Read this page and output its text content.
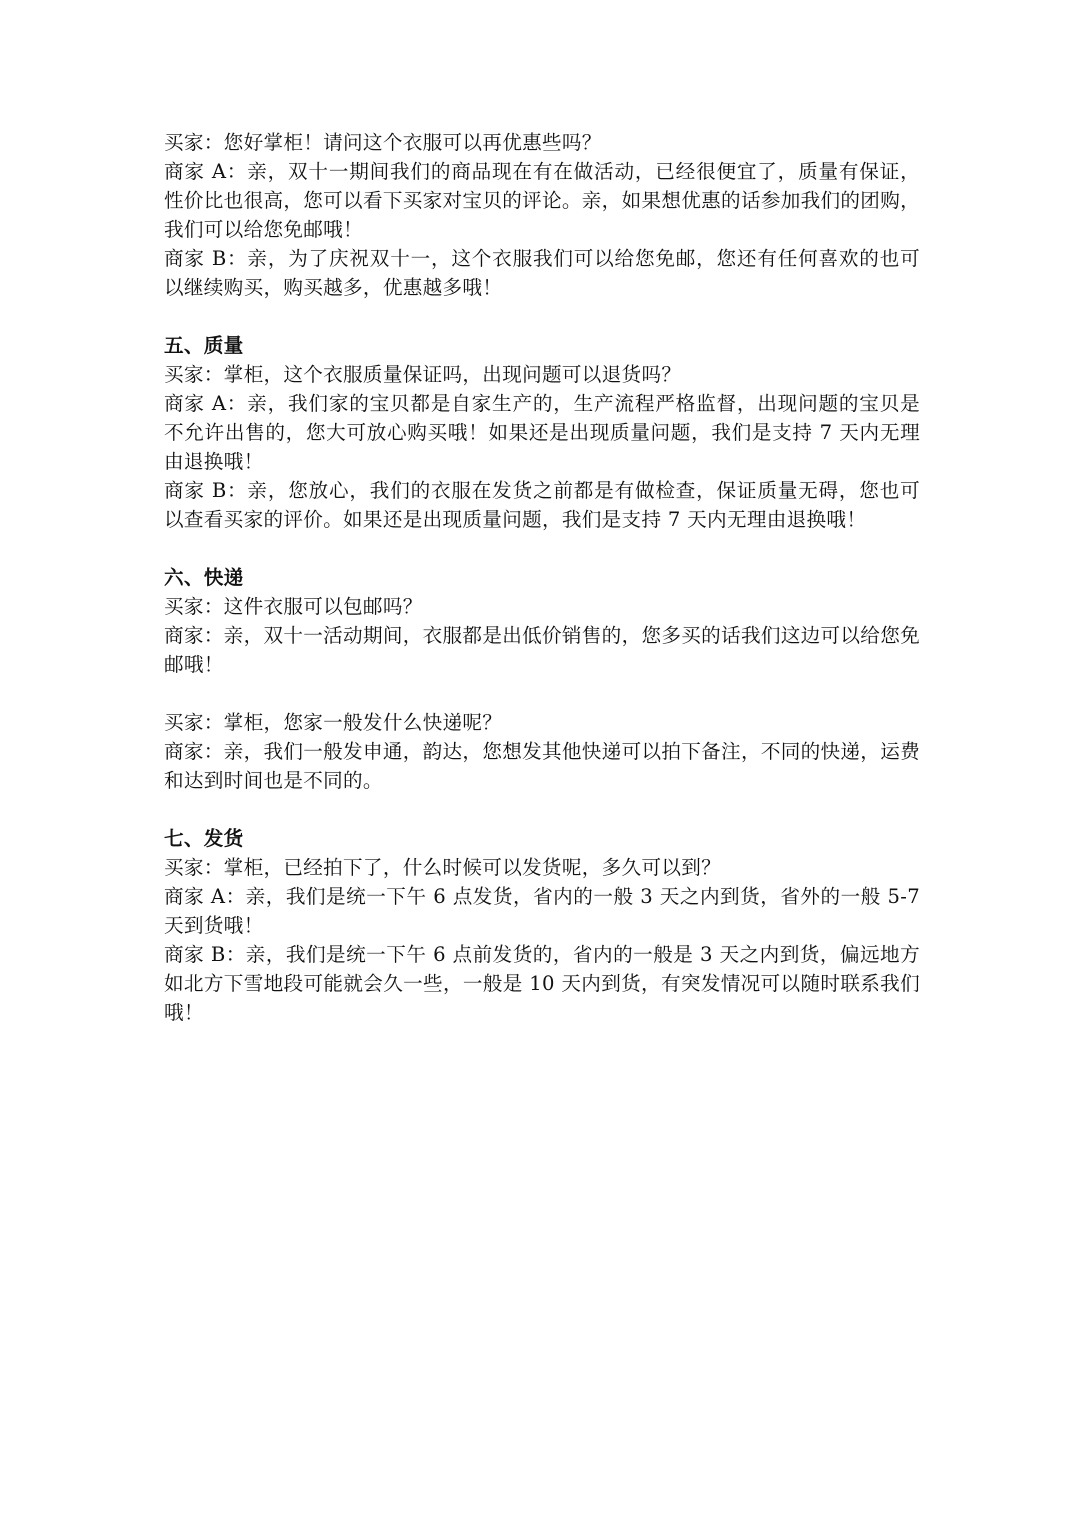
买家：您好掌柜！请问这个衣服可以再优惠些吗？

商家 A：亲，双十一期间我们的商品现在有在做活动，已经很便宜了，质量有保证，性价比也很高，您可以看下买家对宝贝的评论。亲，如果想优惠的话参加我们的团购，我们可以给您免邮哦！

商家 B：亲，为了庆祝双十一，这个衣服我们可以给您免邮，您还有任何喜欢的也可以继续购买，购买越多，优惠越多哦！

五、质量

买家：掌柜，这个衣服质量保证吗，出现问题可以退货吗？

商家 A：亲，我们家的宝贝都是自家生产的，生产流程严格监督，出现问题的宝贝是不允许出售的，您大可放心购买哦！如果还是出现质量问题，我们是支持 7 天内无理由退换哦！

商家 B：亲，您放心，我们的衣服在发货之前都是有做检查，保证质量无碍，您也可以查看买家的评价。如果还是出现质量问题，我们是支持 7 天内无理由退换哦！

六、快递

买家：这件衣服可以包邮吗？

商家：亲，双十一活动期间，衣服都是出低价销售的，您多买的话我们这边可以给您免邮哦！

买家：掌柜，您家一般发什么快递呢？

商家：亲，我们一般发申通，韵达，您想发其他快递可以拍下备注，不同的快递，运费和达到时间也是不同的。

七、发货

买家：掌柜，已经拍下了，什么时候可以发货呢，多久可以到？

商家 A：亲，我们是统一下午 6 点发货，省内的一般 3 天之内到货，省外的一般 5-7 天到货哦！

商家 B：亲，我们是统一下午 6 点前发货的，省内的一般是 3 天之内到货，偏远地方如北方下雪地段可能就会久一些，一般是 10 天内到货，有突发情况可以随时联系我们哦！
